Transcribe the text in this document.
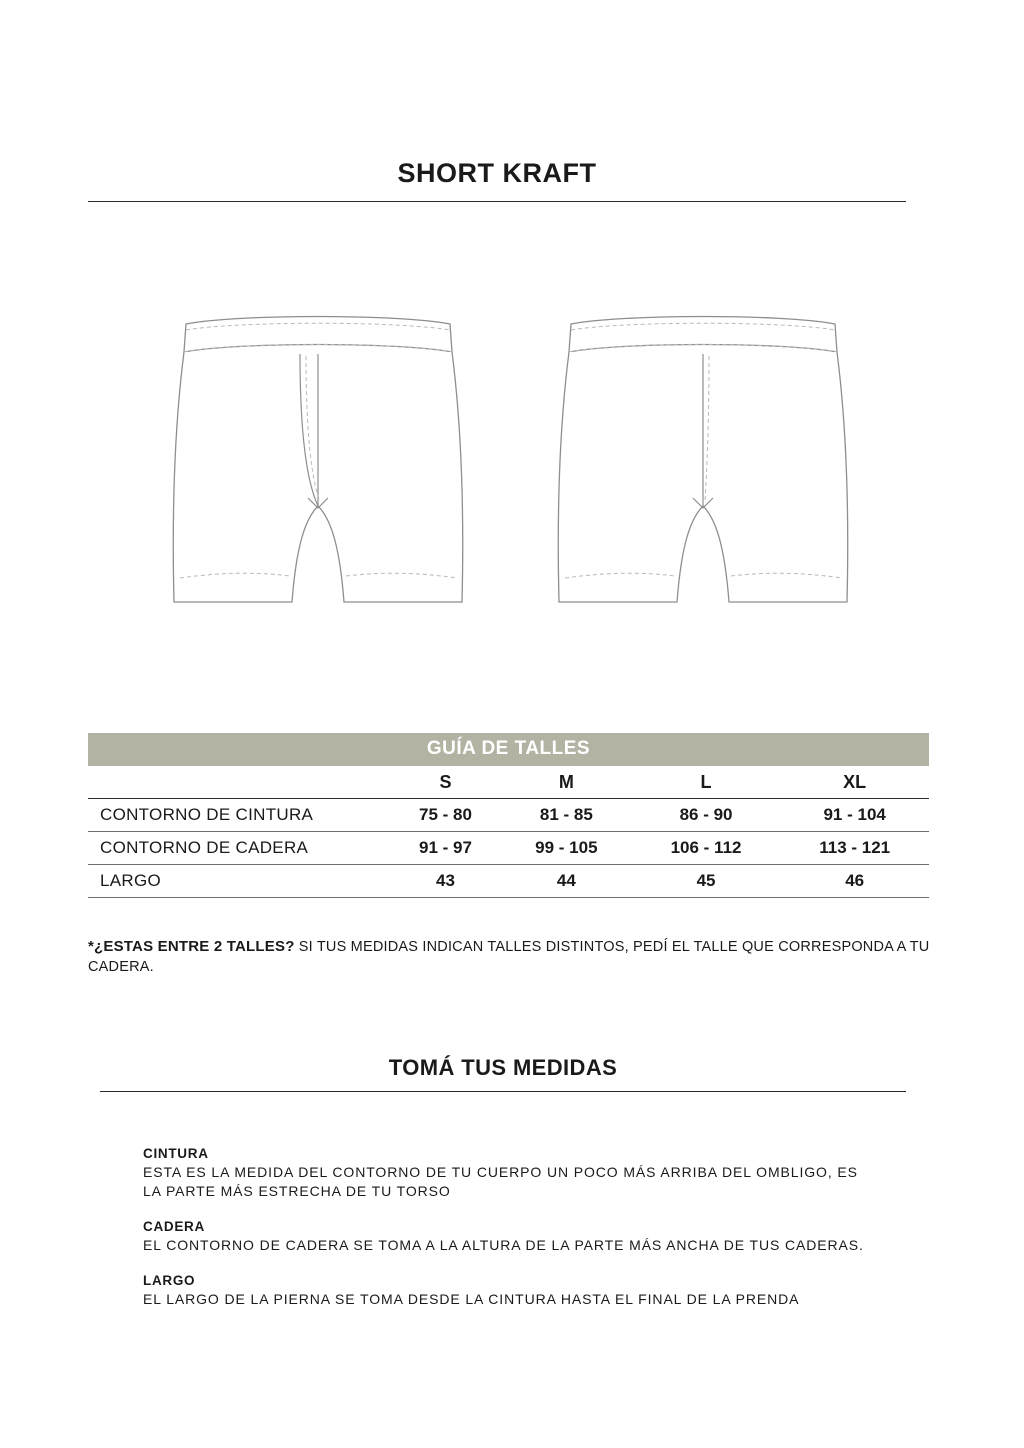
SHORT KRAFT
GUÍA DE TALLES				
	S	M	L	XL
CONTORNO DE CINTURA	75 - 80	81 - 85	86 - 90	91 - 104
CONTORNO DE CADERA	91 - 97	99 - 105	106 - 112	113 - 121
LARGO	43	44	45	46
*¿ESTAS ENTRE 2 TALLES? SI TUS MEDIDAS INDICAN TALLES DISTINTOS, PEDÍ EL TALLE QUE CORRESPONDA A TU CADERA.
TOMÁ TUS MEDIDAS
CINTURA
ESTA ES LA MEDIDA DEL CONTORNO DE TU CUERPO UN POCO MÁS ARRIBA DEL OMBLIGO, ES LA PARTE MÁS ESTRECHA DE TU TORSO
CADERA
EL CONTORNO DE CADERA SE TOMA A LA ALTURA DE LA PARTE MÁS ANCHA DE TUS CADERAS.
LARGO
EL LARGO DE LA PIERNA SE TOMA DESDE LA CINTURA HASTA EL FINAL DE LA PRENDA
